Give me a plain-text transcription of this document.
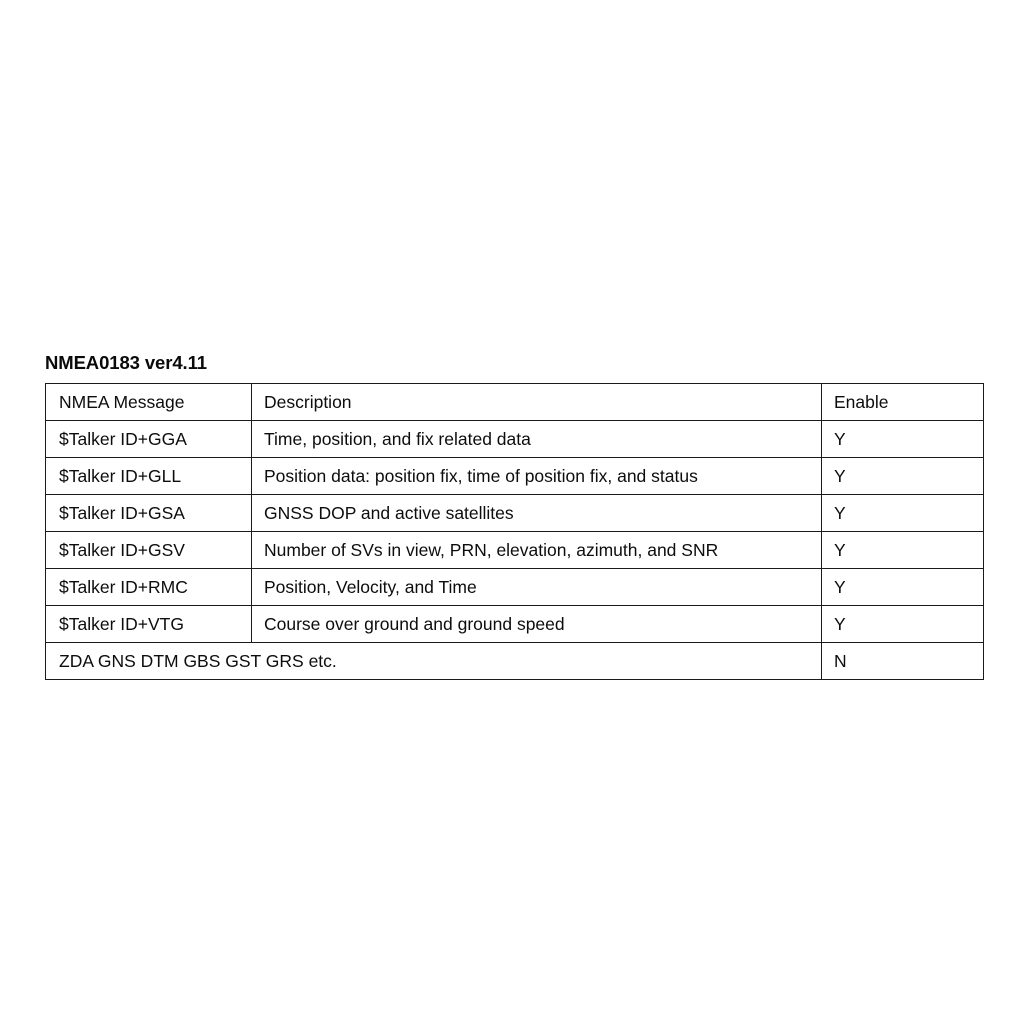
NMEA0183 ver4.11
NMEA Message	Description	Enable
$Talker ID+GGA	Time, position, and fix related data	Y
$Talker ID+GLL	Position data: position fix, time of position fix, and status	Y
$Talker ID+GSA	GNSS DOP and active satellites	Y
$Talker ID+GSV	Number of SVs in view, PRN, elevation, azimuth, and SNR	Y
$Talker ID+RMC	Position, Velocity, and Time	Y
$Talker ID+VTG	Course over ground and ground speed	Y
ZDA GNS DTM GBS GST GRS etc.		N
